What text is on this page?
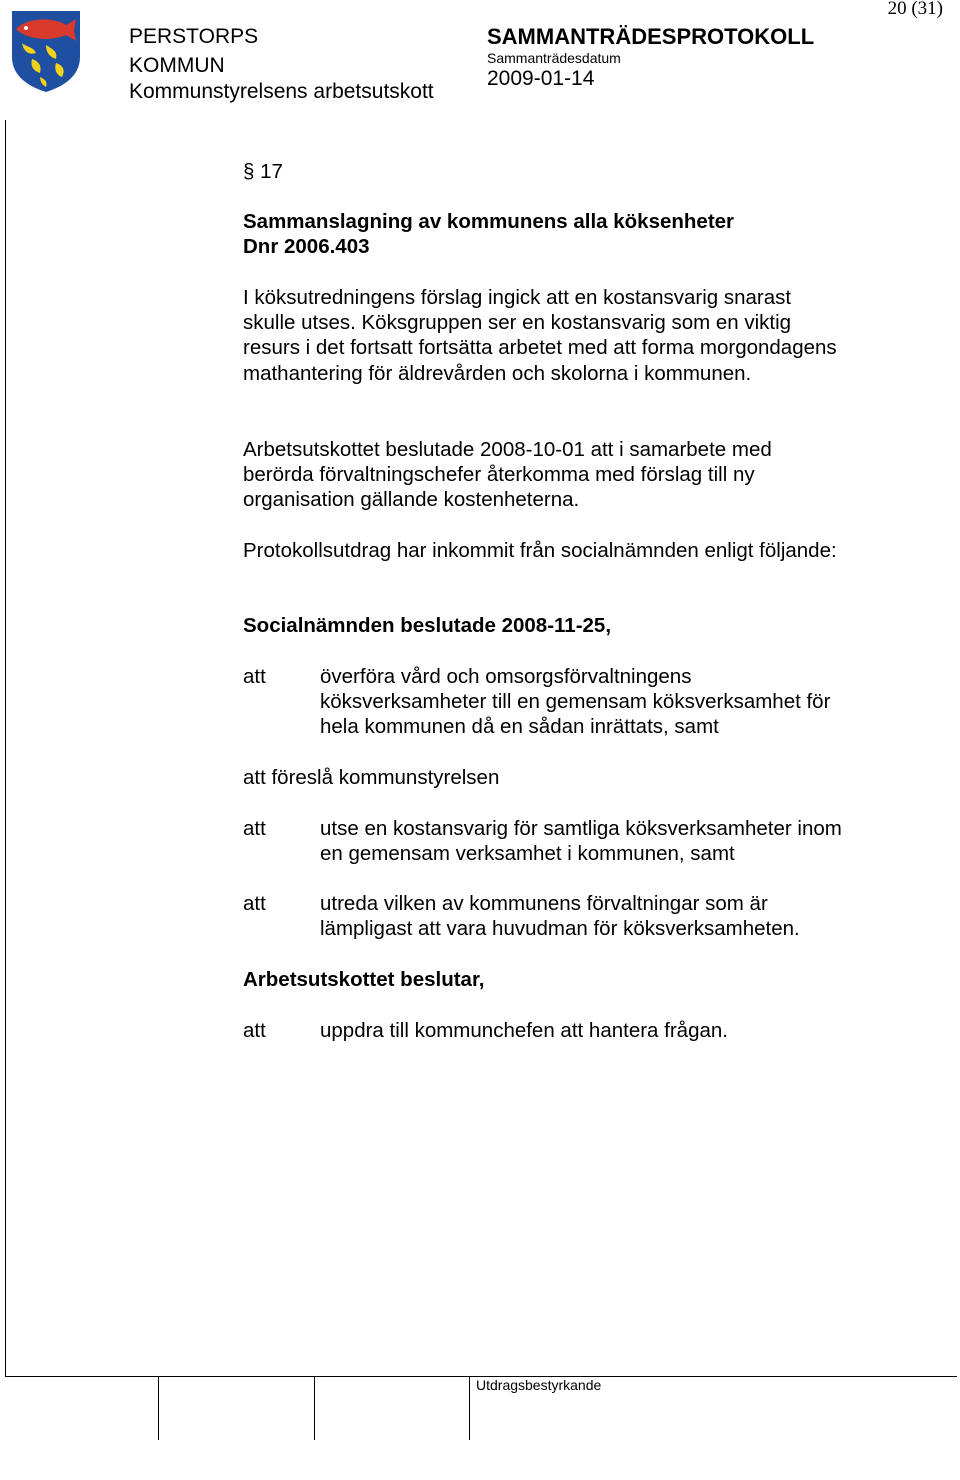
PERSTORPS
KOMMUN
Kommunstyrelsens arbetsutskott
SAMMANTRÄDESPROTOKOLL
Sammanträdesdatum
2009-01-14
20 (31)
Utdragsbestyrkande
§ 17
Sammanslagning av kommunens alla köksenheter
Dnr 2006.403
I köksutredningens förslag ingick att en kostansvarig snarast skulle utses. Köksgruppen ser en kostansvarig som en viktig resurs i det fortsatt fortsätta arbetet med att forma morgondagens mathantering för äldrevården och skolorna i kommunen.
Arbetsutskottet beslutade 2008-10-01 att i samarbete med berörda förvaltningschefer återkomma med förslag till ny organisation gällande kostenheterna.
Protokollsutdrag har inkommit från socialnämnden enligt följande:
Socialnämnden beslutade 2008-11-25,
att	överföra vård och omsorgsförvaltningens köksverksamheter till en gemensam köksverksamhet för hela kommunen då en sådan inrättats, samt
att föreslå kommunstyrelsen
att	utse en kostansvarig för samtliga köksverksamheter inom en gemensam verksamhet i kommunen, samt
att	utreda vilken av kommunens förvaltningar som är lämpligast att vara huvudman för köksverksamheten.
Arbetsutskottet beslutar,
att	uppdra till kommunchefen att hantera frågan.
